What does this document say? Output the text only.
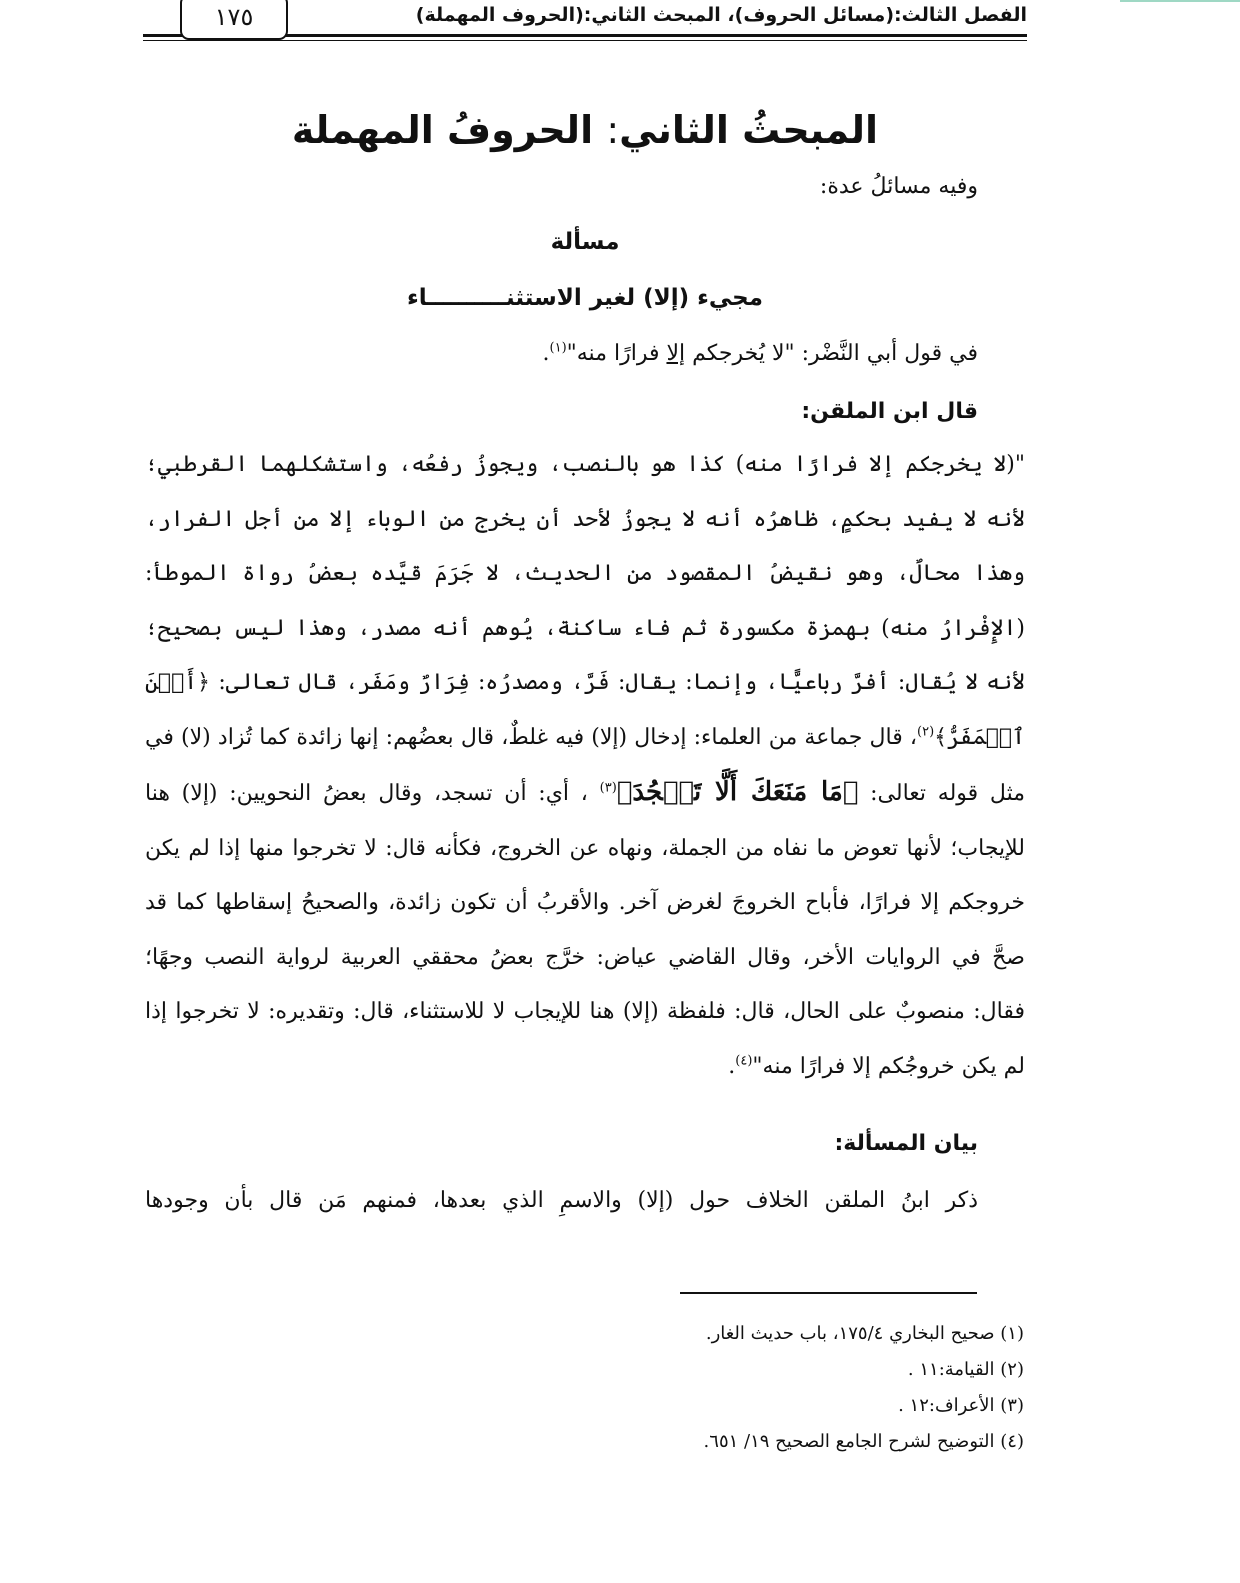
الفصل الثالث:(مسائل الحروف)، المبحث الثاني:(الحروف المهملة)
١٧٥
المبحثُ الثاني: الحروفُ المهملة
وفيه مسائلُ عدة:
مسألة
مجيء (إلا) لغير الاستثنــــــــــاء
في قول أبي النَّضْر: "لا يُخرجكم إلا فرارًا منه"$^{(١)}$.
قال ابن الملقن:

"(لا يخرجكم إلا فرارًا منه) كذا هو بالنصب، ويجوزُ رفعُه، واستشكلهما القرطبي؛ لأنه لا يفيد بحكمٍ، ظاهرُه أنه لا يجوزُ لأحد أن يخرج من الوباء إلا من أجل الفرار، وهذا محالٌ، وهو نقيضُ المقصود من الحديث، لا جَرَمَ قيَّده بعضُ رواة الموطأ: (الإِفْرارُ منه) بهمزة مكسورة ثم فاء ساكنة، يُوهم أنه مصدر، وهذا ليس بصحيح؛ لأنه لا يُقال: أفرَّ رباعيًّا، وإنما: يقال: فَرَّ، ومصدرُه: فِرَارٌ ومَفَر، قال تعالى: ﴿أَيۡنَ ٱلۡمَفَرُّ﴾$^{(٢)}$، قال جماعة من العلماء: إدخال (إلا) فيه غلطٌ، قال بعضُهم: إنها زائدة كما تُزاد (لا) في مثل قوله تعالى: ﴿مَا مَنَعَكَ أَلَّا تَسۡجُدَ﴾$^{(٣)}$ ، أي: أن تسجد، وقال بعضُ النحويين: (إلا) هنا للإيجاب؛ لأنها تعوض ما نفاه من الجملة، ونهاه عن الخروج، فكأنه قال: لا تخرجوا منها إذا لم يكن خروجكم إلا فرارًا، فأباح الخروجَ لغرض آخر. والأقربُ أن تكون زائدة، والصحيحُ إسقاطها كما قد صحَّ في الروايات الأخر، وقال القاضي عياض: خرَّج بعضُ محققي العربية لرواية النصب وجهًا؛ فقال: منصوبٌ على الحال، قال: فلفظة (إلا) هنا للإيجاب لا للاستثناء، قال: وتقديره: لا تخرجوا إذا لم يكن خروجُكم إلا فرارًا منه"$^{(٤)}$.

بيان المسألة:
ذكر ابنُ الملقن الخلاف حول (إلا) والاسمِ الذي بعدها، فمنهم مَن قال بأن وجودها
(١) صحيح البخاري ١٧٥/٤، باب حديث الغار.
(٢) القيامة:١١ .
(٣) الأعراف:١٢ .
(٤) التوضيح لشرح الجامع الصحيح ١٩/ ٦٥١.
